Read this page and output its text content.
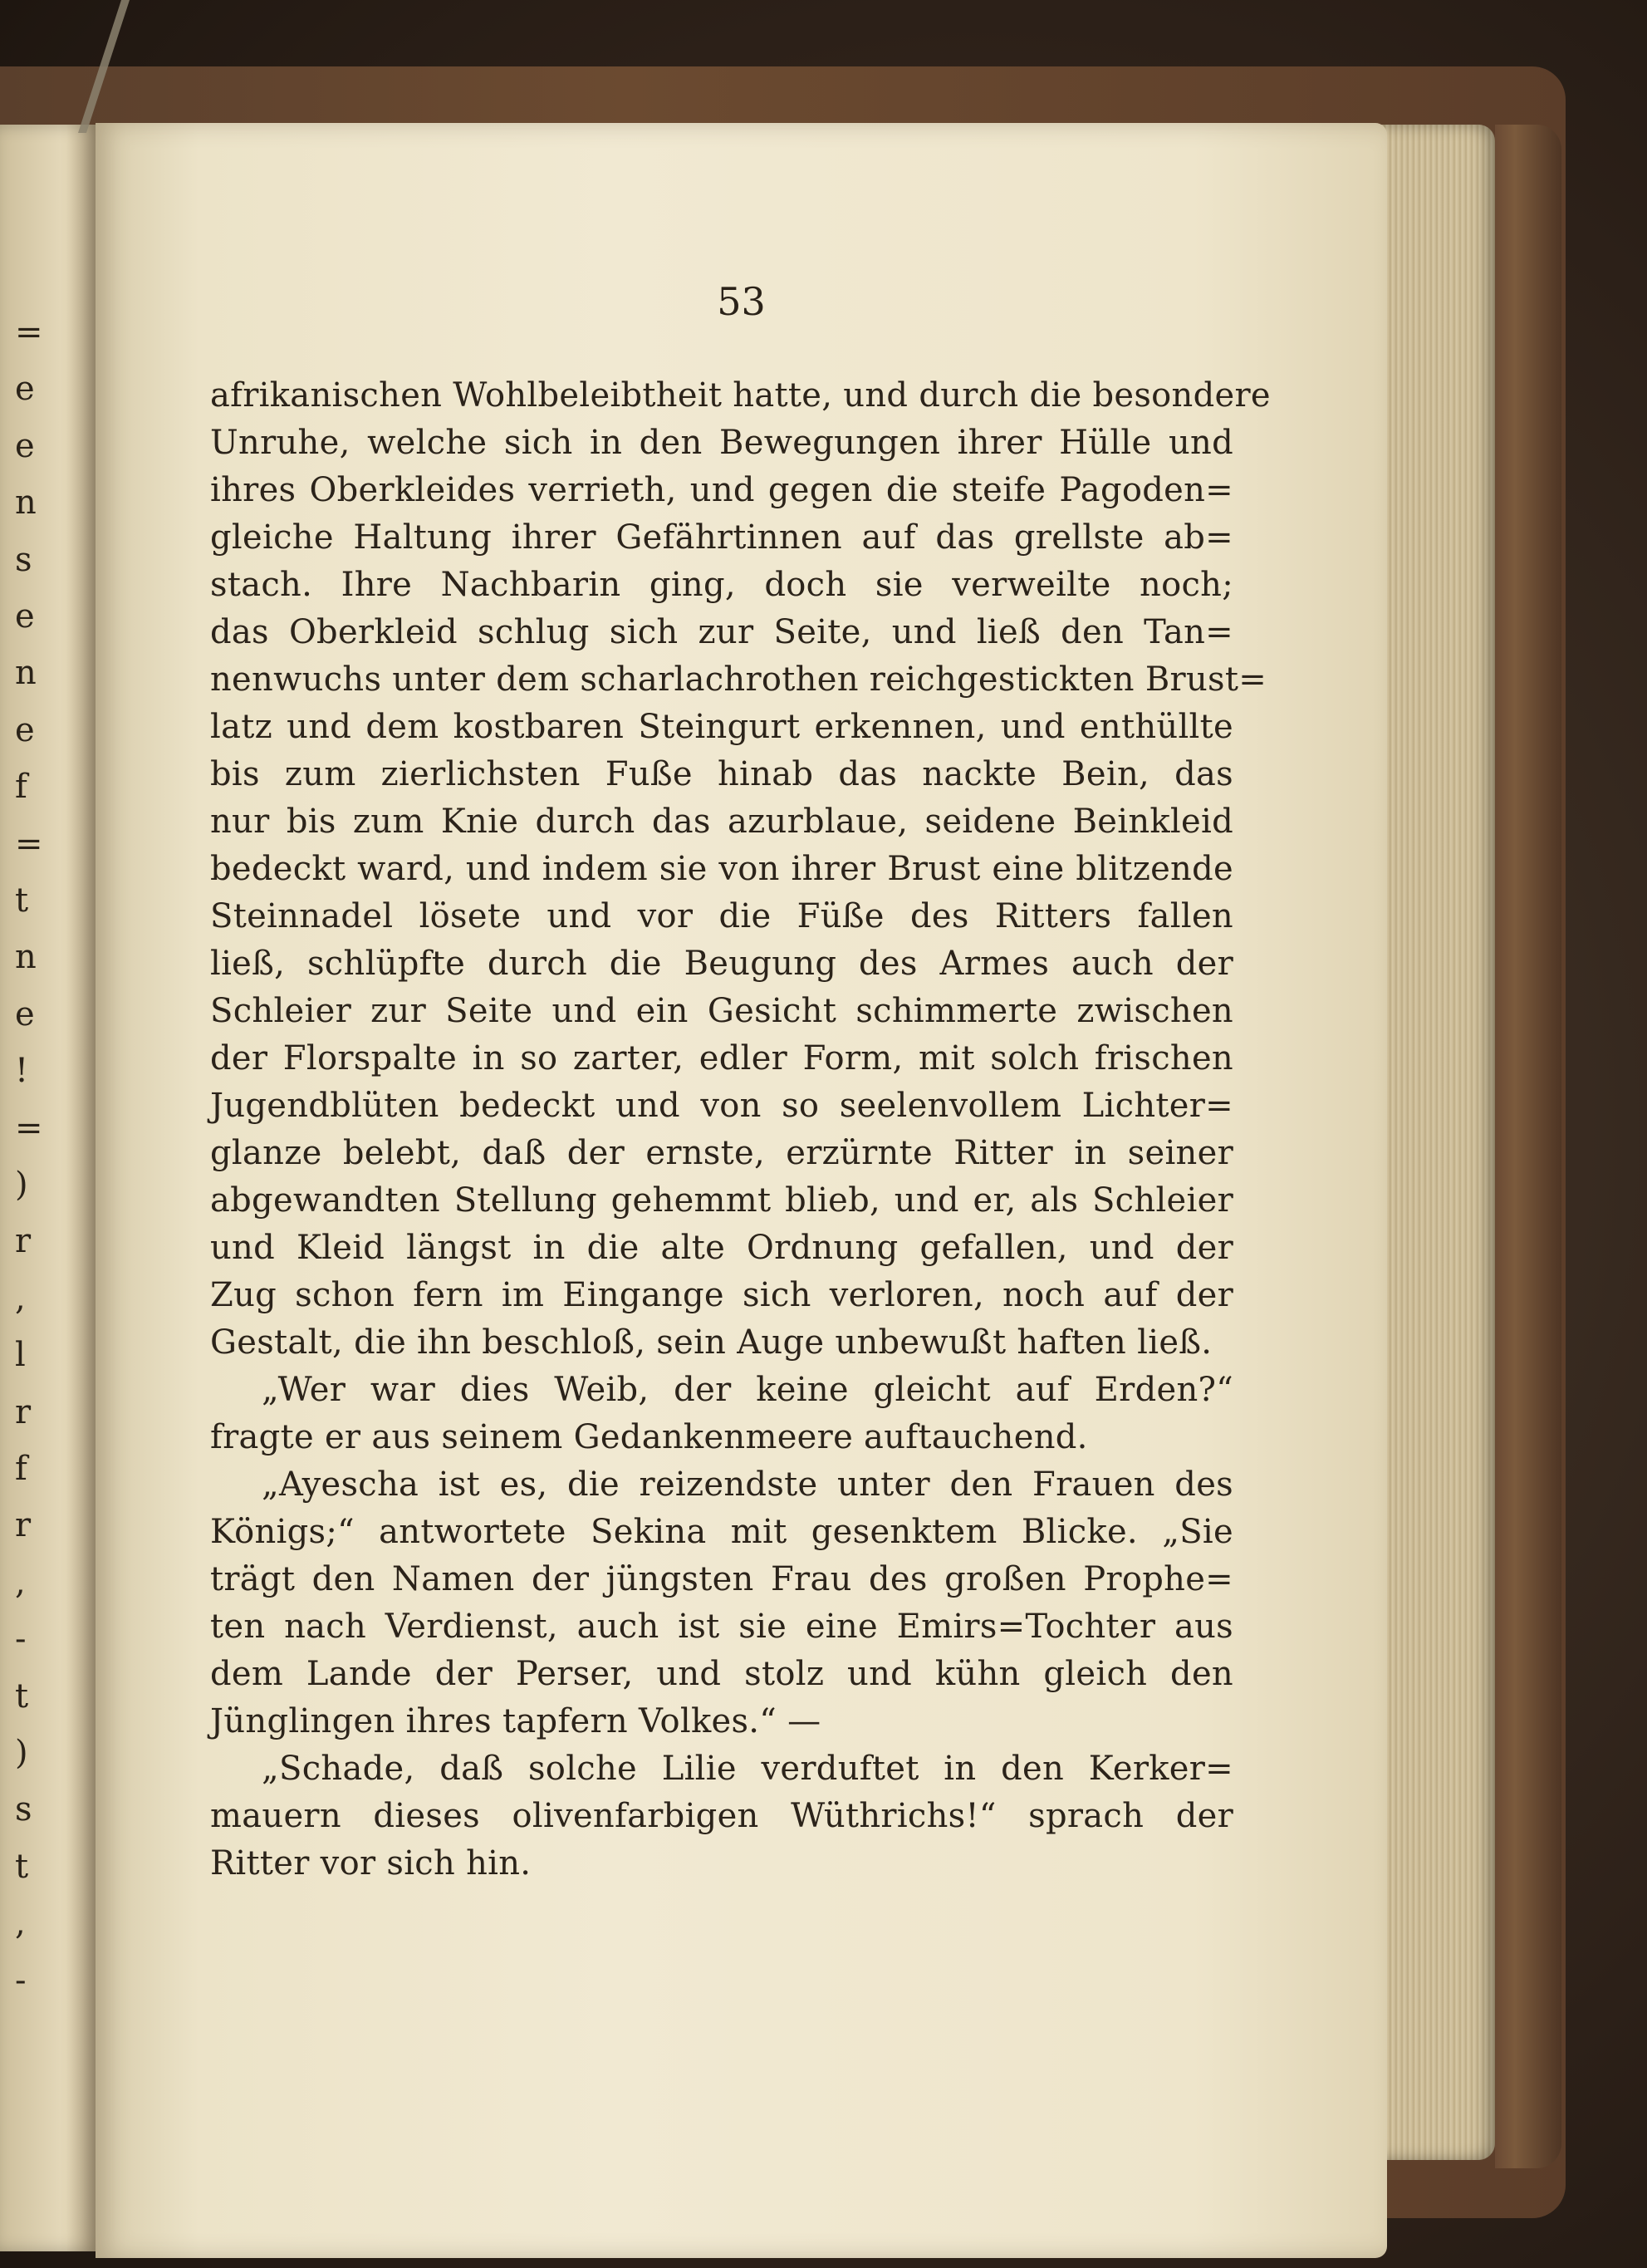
=
e
e
n
s
e
n
e
f
=
t
n
e
!
=
)
r
,
l
r
f
r
,
-
t
)
s
t
,
-
53
afrikanischen Wohlbeleibtheit hatte, und durch die besondere
Unruhe, welche sich in den Bewegungen ihrer Hülle und
ihres Oberkleides verrieth, und gegen die steife Pagoden=
gleiche Haltung ihrer Gefährtinnen auf das grellste ab=
stach. Ihre Nachbarin ging, doch sie verweilte noch;
das Oberkleid schlug sich zur Seite, und ließ den Tan=
nenwuchs unter dem scharlachrothen reichgestickten Brust=
latz und dem kostbaren Steingurt erkennen, und enthüllte
bis zum zierlichsten Fuße hinab das nackte Bein, das
nur bis zum Knie durch das azurblaue, seidene Beinkleid
bedeckt ward, und indem sie von ihrer Brust eine blitzende
Steinnadel lösete und vor die Füße des Ritters fallen
ließ, schlüpfte durch die Beugung des Armes auch der
Schleier zur Seite und ein Gesicht schimmerte zwischen
der Florspalte in so zarter, edler Form, mit solch frischen
Jugendblüten bedeckt und von so seelenvollem Lichter=
glanze belebt, daß der ernste, erzürnte Ritter in seiner
abgewandten Stellung gehemmt blieb, und er, als Schleier
und Kleid längst in die alte Ordnung gefallen, und der
Zug schon fern im Eingange sich verloren, noch auf der
Gestalt, die ihn beschloß, sein Auge unbewußt haften ließ.
„Wer war dies Weib, der keine gleicht auf Erden?“
fragte er aus seinem Gedankenmeere auftauchend.
„Ayescha ist es, die reizendste unter den Frauen des
Königs;“ antwortete Sekina mit gesenktem Blicke. „Sie
trägt den Namen der jüngsten Frau des großen Prophe=
ten nach Verdienst, auch ist sie eine Emirs=Tochter aus
dem Lande der Perser, und stolz und kühn gleich den
Jünglingen ihres tapfern Volkes.“ —
„Schade, daß solche Lilie verduftet in den Kerker=
mauern dieses olivenfarbigen Wüthrichs!“ sprach der
Ritter vor sich hin.
